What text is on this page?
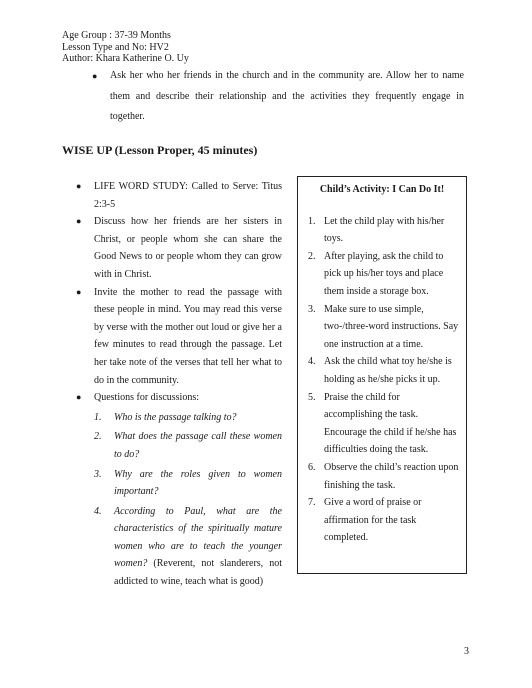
Age Group : 37-39 Months
Lesson Type and No: HV2
Author: Khara Katherine O. Uy
● Ask her who her friends in the church and in the community are. Allow her to name them and describe their relationship and the activities they frequently engage in together.
WISE UP (Lesson Proper, 45 minutes)
● LIFE WORD STUDY: Called to Serve: Titus 2:3-5
● Discuss how her friends are her sisters in Christ, or people whom she can share the Good News to or people whom they can grow with in Christ.
● Invite the mother to read the passage with these people in mind. You may read this verse by verse with the mother out loud or give her a few minutes to read through the passage. Let her take note of the verses that tell her what to do in the community.
● Questions for discussions:
1. Who is the passage talking to?
2. What does the passage call these women to do?
3. Why are the roles given to women important?
4. According to Paul, what are the characteristics of the spiritually mature women who are to teach the younger women? (Reverent, not slanderers, not addicted to wine, teach what is good)
Child’s Activity: I Can Do It!
1. Let the child play with his/her toys.
2. After playing, ask the child to pick up his/her toys and place them inside a storage box.
3. Make sure to use simple, two-/three-word instructions. Say one instruction at a time.
4. Ask the child what toy he/she is holding as he/she picks it up.
5. Praise the child for accomplishing the task. Encourage the child if he/she has difficulties doing the task.
6. Observe the child’s reaction upon finishing the task.
7. Give a word of praise or affirmation for the task completed.
3
